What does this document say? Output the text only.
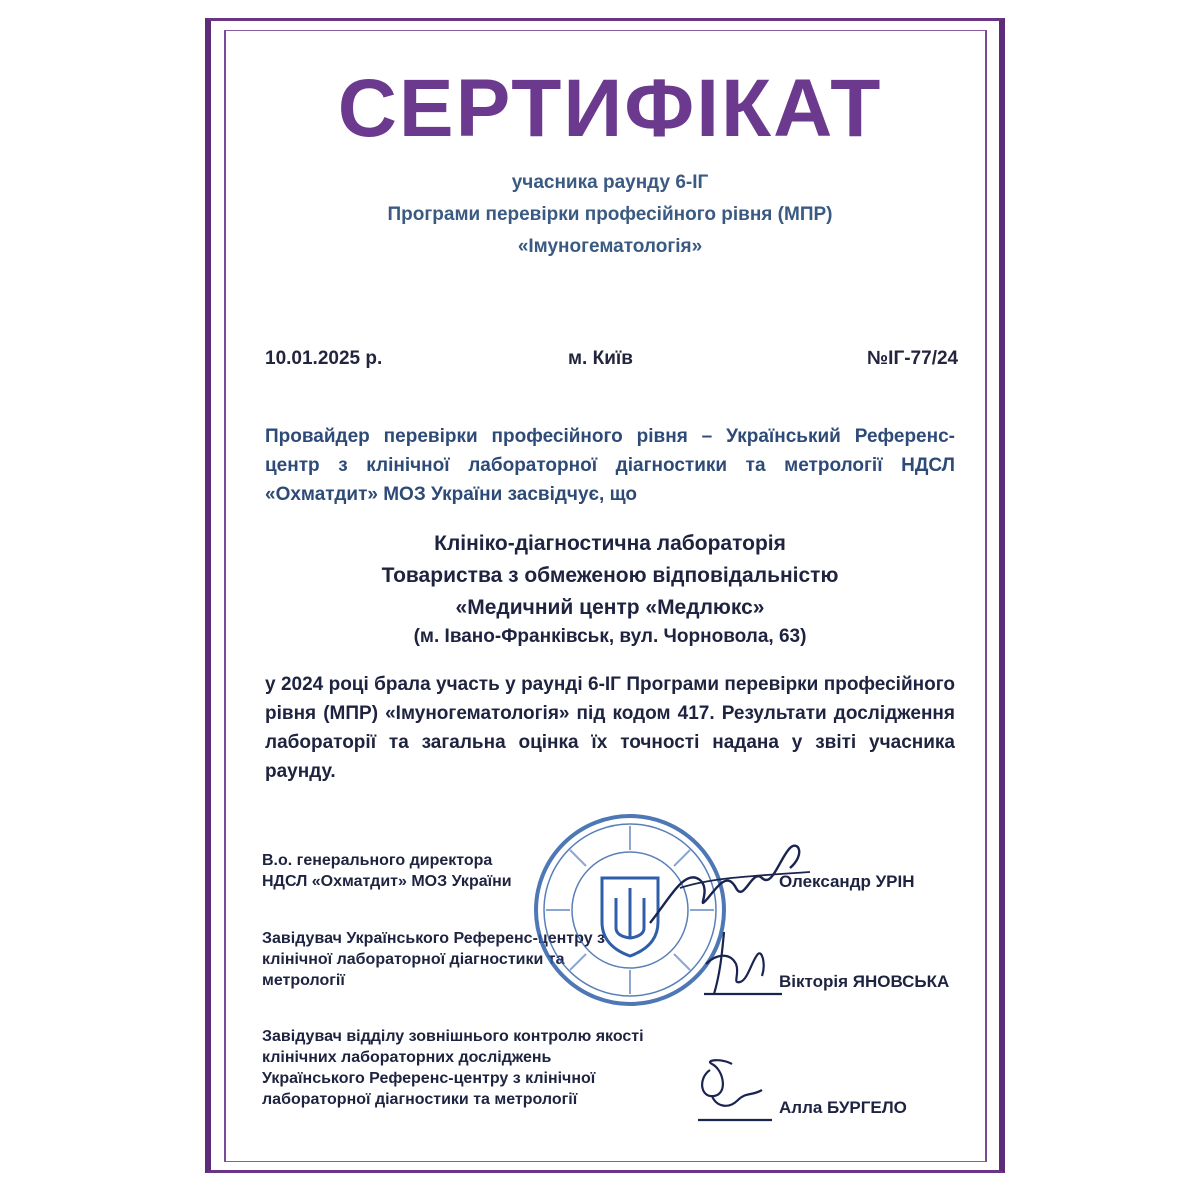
СЕРТИФІКАТ
учасника раунду 6-ІГ
Програми перевірки професійного рівня (МПР)
«Імуногематологія»
10.01.2025 р.	м. Київ	№ІГ-77/24
Провайдер перевірки професійного рівня – Український Референс-центр з клінічної лабораторної діагностики та метрології НДСЛ «Охматдит» МОЗ України засвідчує, що
Клініко-діагностична лабораторія
Товариства з обмеженою відповідальністю
«Медичний центр «Медлюкс»
(м. Івано-Франківськ, вул. Чорновола, 63)
у 2024 році брала участь у раунді 6-ІГ Програми перевірки професійного рівня (МПР) «Імуногематологія» під кодом 417. Результати дослідження лабораторії та загальна оцінка їх точності надана у звіті учасника раунду.
В.о. генерального директора
НДСЛ «Охматдит» МОЗ України	Олександр УРІН
Завідувач Українського Референс-центру з
клінічної лабораторної діагностики та
метрології	Вікторія ЯНОВСЬКА
Завідувач відділу зовнішнього контролю якості
клінічних лабораторних досліджень
Українського Референс-центру з клінічної
лабораторної діагностики та метрології	Алла БУРГЕЛО
